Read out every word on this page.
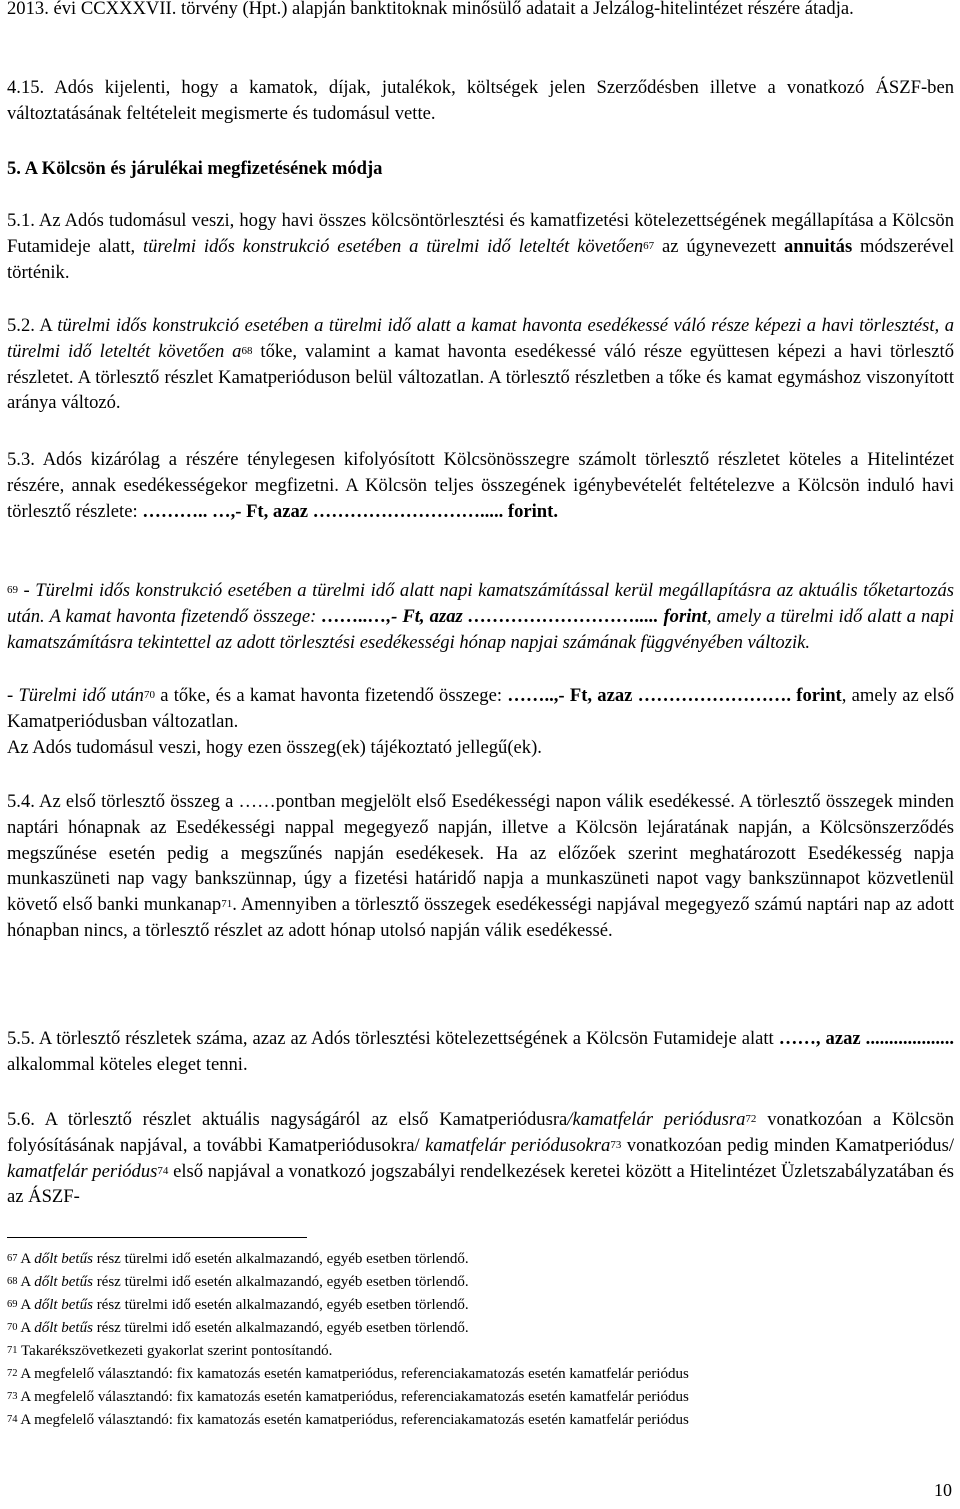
2013. évi CCXXXVII. törvény (Hpt.) alapján banktitoknak minősülő adatait a Jelzálog-hitelintézet részére átadja.

4.15. Adós kijelenti, hogy a kamatok, díjak, jutalékok, költségek jelen Szerződésben illetve a vonatkozó ÁSZF-ben változtatásának feltételeit megismerte és tudomásul vette.

5. A Kölcsön és járulékai megfizetésének módja

5.1. Az Adós tudomásul veszi, hogy havi összes kölcsöntörlesztési és kamatfizetési kötelezettségének megállapítása a Kölcsön Futamideje alatt, türelmi idős konstrukció esetében a türelmi idő leteltét követően$^{67}$ az úgynevezett annuitás módszerével történik.

5.2. A türelmi idős konstrukció esetében a türelmi idő alatt a kamat havonta esedékessé váló része képezi a havi törlesztést, a türelmi idő leteltét követően $a^{68}$ tőke, valamint a kamat havonta esedékessé váló része együttesen képezi a havi törlesztő részletet. A törlesztő részlet Kamatperióduson belül változatlan. A törlesztő részletben a tőke és kamat egymáshoz viszonyított aránya változó.

5.3. Adós kizárólag a részére ténylegesen kifolyósított Kölcsönösszegre számolt törlesztő részletet köteles a Hitelintézet részére, annak esedékességekor megfizetni. A Kölcsön teljes összegének igénybevételét feltételezve a Kölcsön induló havi törlesztő részlete: ……….. …,- Ft, azaz ………………………..... forint.

$^{69}$ - Türelmi idős konstrukció esetében a türelmi idő alatt napi kamatszámítással kerül megállapításra az aktuális tőketartozás után. A kamat havonta fizetendő összege: ……..…,- Ft, azaz ………………………..... forint, amely a türelmi idő alatt a napi kamatszámításra tekintettel az adott törlesztési esedékességi hónap napjai számának függvényében változik.

- Türelmi idő után$^{70}$ a tőke, és a kamat havonta fizetendő összege: ……..,- Ft, azaz ……………………. forint, amely az első Kamatperiódusban változatlan.

Az Adós tudomásul veszi, hogy ezen összeg(ek) tájékoztató jellegű(ek).

5.4. Az első törlesztő összeg a ……pontban megjelölt első Esedékességi napon válik esedékessé. A törlesztő összegek minden naptári hónapnak az Esedékességi nappal megegyező napján, illetve a Kölcsön lejáratának napján, a Kölcsönszerződés megszűnése esetén pedig a megszűnés napján esedékesek. Ha az előzőek szerint meghatározott Esedékesség napja munkaszüneti nap vagy bankszünnap, úgy a fizetési határidő napja a munkaszüneti napot vagy bankszünnapot közvetlenül követő első banki munkanap$^{71}$. Amennyiben a törlesztő összegek esedékességi napjával megegyező számú naptári nap az adott hónapban nincs, a törlesztő részlet az adott hónap utolsó napján válik esedékessé.

5.5. A törlesztő részletek száma, azaz az Adós törlesztési kötelezettségének a Kölcsön Futamideje alatt ……, azaz ................... alkalommal köteles eleget tenni.

5.6. A törlesztő részlet aktuális nagyságáról az első Kamatperiódusra/kamatfelár periódusra$^{72}$ vonatkozóan a Kölcsön folyósításának napjával, a további Kamatperiódusokra/ kamatfelár periódusokra$^{73}$ vonatkozóan pedig minden Kamatperiódus/ kamatfelár periódus$^{74}$ első napjával a vonatkozó jogszabályi rendelkezések keretei között a Hitelintézet Üzletszabályzatában és az ÁSZF-

67 A dőlt betűs rész türelmi idő esetén alkalmazandó, egyéb esetben törlendő.
68 A dőlt betűs rész türelmi idő esetén alkalmazandó, egyéb esetben törlendő.
69 A dőlt betűs rész türelmi idő esetén alkalmazandó, egyéb esetben törlendő.
70 A dőlt betűs rész türelmi idő esetén alkalmazandó, egyéb esetben törlendő.
71 Takarékszövetkezeti gyakorlat szerint pontosítandó.
72 A megfelelő választandó: fix kamatozás esetén kamatperiódus, referenciakamatozás esetén kamatfelár periódus
73 A megfelelő választandó: fix kamatozás esetén kamatperiódus, referenciakamatozás esetén kamatfelár periódus
74 A megfelelő választandó: fix kamatozás esetén kamatperiódus, referenciakamatozás esetén kamatfelár periódus
10
